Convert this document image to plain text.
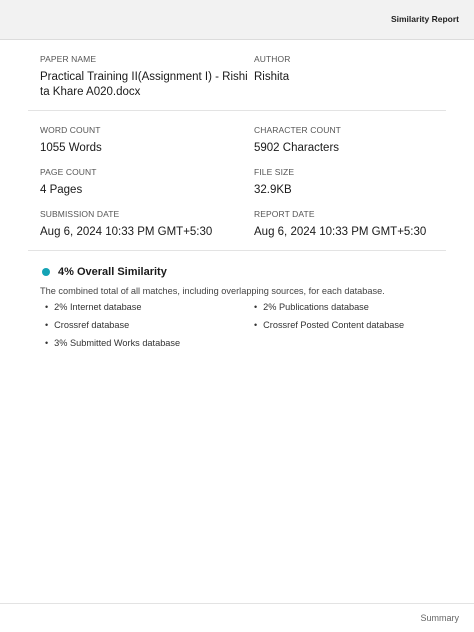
Similarity Report
PAPER NAME
Practical Training II(Assignment I) - Rishi
ta Khare A020.docx
AUTHOR
Rishita
WORD COUNT
1055 Words
CHARACTER COUNT
5902 Characters
PAGE COUNT
4 Pages
FILE SIZE
32.9KB
SUBMISSION DATE
Aug 6, 2024 10:33 PM GMT+5:30
REPORT DATE
Aug 6, 2024 10:33 PM GMT+5:30
4% Overall Similarity
The combined total of all matches, including overlapping sources, for each database.
• 2% Internet database	• 2% Publications database
• Crossref database	• Crossref Posted Content database
• 3% Submitted Works database
Summary
